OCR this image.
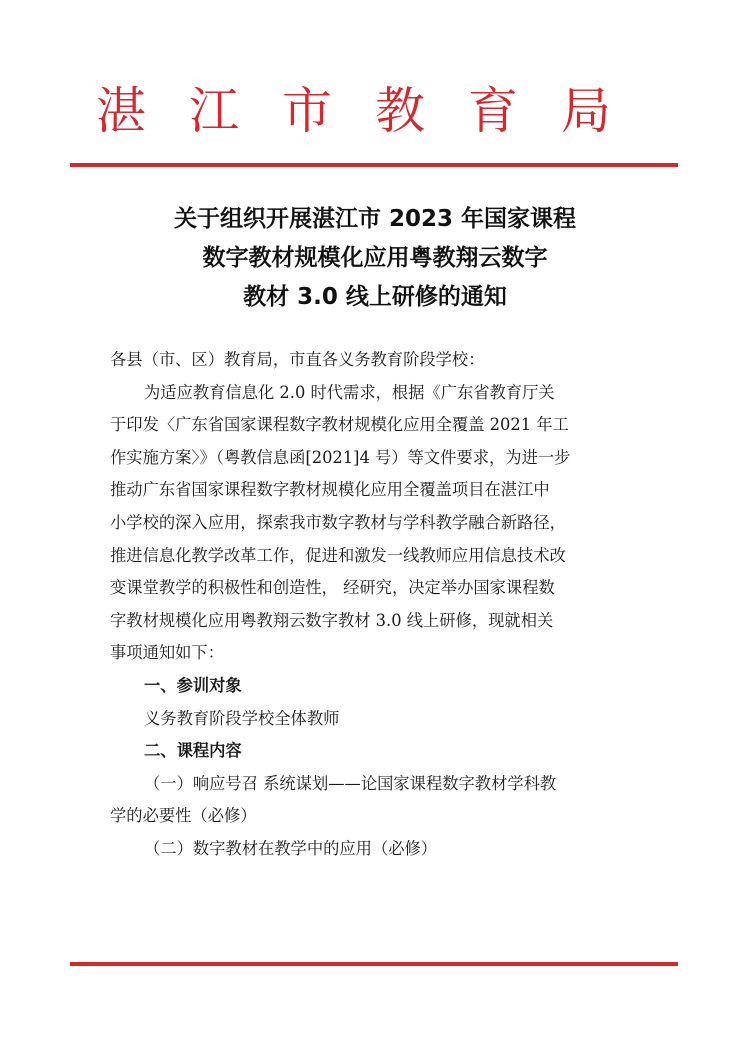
湛江市教育局
关于组织开展湛江市 2023 年国家课程
数字教材规模化应用粤教翔云数字
教材 3.0 线上研修的通知
各县（市、区）教育局，市直各义务教育阶段学校：
为适应教育信息化 2.0 时代需求，根据《广东省教育厅关
于印发〈广东省国家课程数字教材规模化应用全覆盖 2021 年工
作实施方案〉》（粤教信息函[2021]4 号）等文件要求，为进一步
推动广东省国家课程数字教材规模化应用全覆盖项目在湛江中
小学校的深入应用，探索我市数字教材与学科教学融合新路径，
推进信息化教学改革工作，促进和激发一线教师应用信息技术改
变课堂教学的积极性和创造性， 经研究，决定举办国家课程数
字教材规模化应用粤教翔云数字教材 3.0 线上研修，现就相关
事项通知如下：
一、参训对象
义务教育阶段学校全体教师
二、课程内容
（一）响应号召 系统谋划——论国家课程数字教材学科教
学的必要性（必修）
（二）数字教材在教学中的应用（必修）
